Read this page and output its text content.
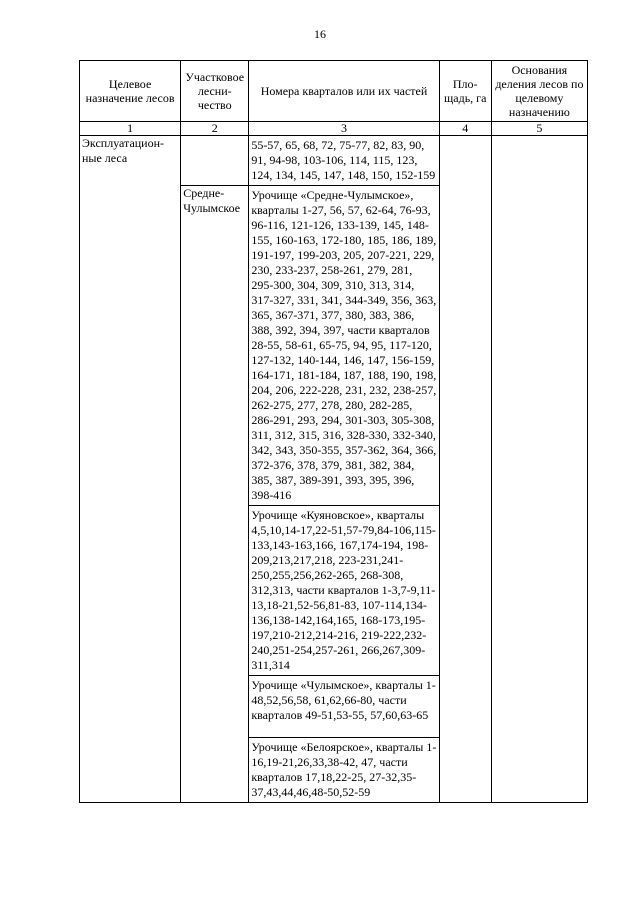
16
Целевое назначение лесов	Участковое лесни-чество	Номера кварталов или их частей	Пло-щадь, га	Основания деления лесов по целевому назначению
1	2	3	4	5
Эксплуатацион-ные леса		55-57, 65, 68, 72, 75-77, 82, 83, 90, 91, 94-98, 103-106, 114, 115, 123, 124, 134, 145, 147, 148, 150, 152-159		

	Средне-Чулымское	Урочище «Средне-Чулымское», кварталы 1-27, 56, 57, 62-64, 76-93, 96-116, 121-126, 133-139, 145, 148-155, 160-163, 172-180, 185, 186, 189, 191-197, 199-203, 205, 207-221, 229, 230, 233-237, 258-261, 279, 281, 295-300, 304, 309, 310, 313, 314, 317-327, 331, 341, 344-349, 356, 363, 365, 367-371, 377, 380, 383, 386, 388, 392, 394, 397, части кварталов 28-55, 58-61, 65-75, 94, 95, 117-120, 127-132, 140-144, 146, 147, 156-159, 164-171, 181-184, 187, 188, 190, 198, 204, 206, 222-228, 231, 232, 238-257, 262-275, 277, 278, 280, 282-285, 286-291, 293, 294, 301-303, 305-308, 311, 312, 315, 316, 328-330, 332-340, 342, 343, 350-355, 357-362, 364, 366, 372-376, 378, 379, 381, 382, 384, 385, 387, 389-391, 393, 395, 396, 398-416		

		Урочище «Куяновское», кварталы 4,5,10,14-17,22-51,57-79,84-106,115-133,143-163,166, 167,174-194, 198-209,213,217,218, 223-231,241-250,255,256,262-265, 268-308, 312,313, части кварталов 1-3,7-9,11-13,18-21,52-56,81-83, 107-114,134-136,138-142,164,165, 168-173,195-197,210-212,214-216, 219-222,232-240,251-254,257-261, 266,267,309-311,314		

		Урочище «Чулымское», кварталы 1-48,52,56,58, 61,62,66-80, части кварталов 49-51,53-55, 57,60,63-65		

		Урочище «Белоярское», кварталы 1-16,19-21,26,33,38-42, 47, части кварталов 17,18,22-25, 27-32,35-37,43,44,46,48-50,52-59		
